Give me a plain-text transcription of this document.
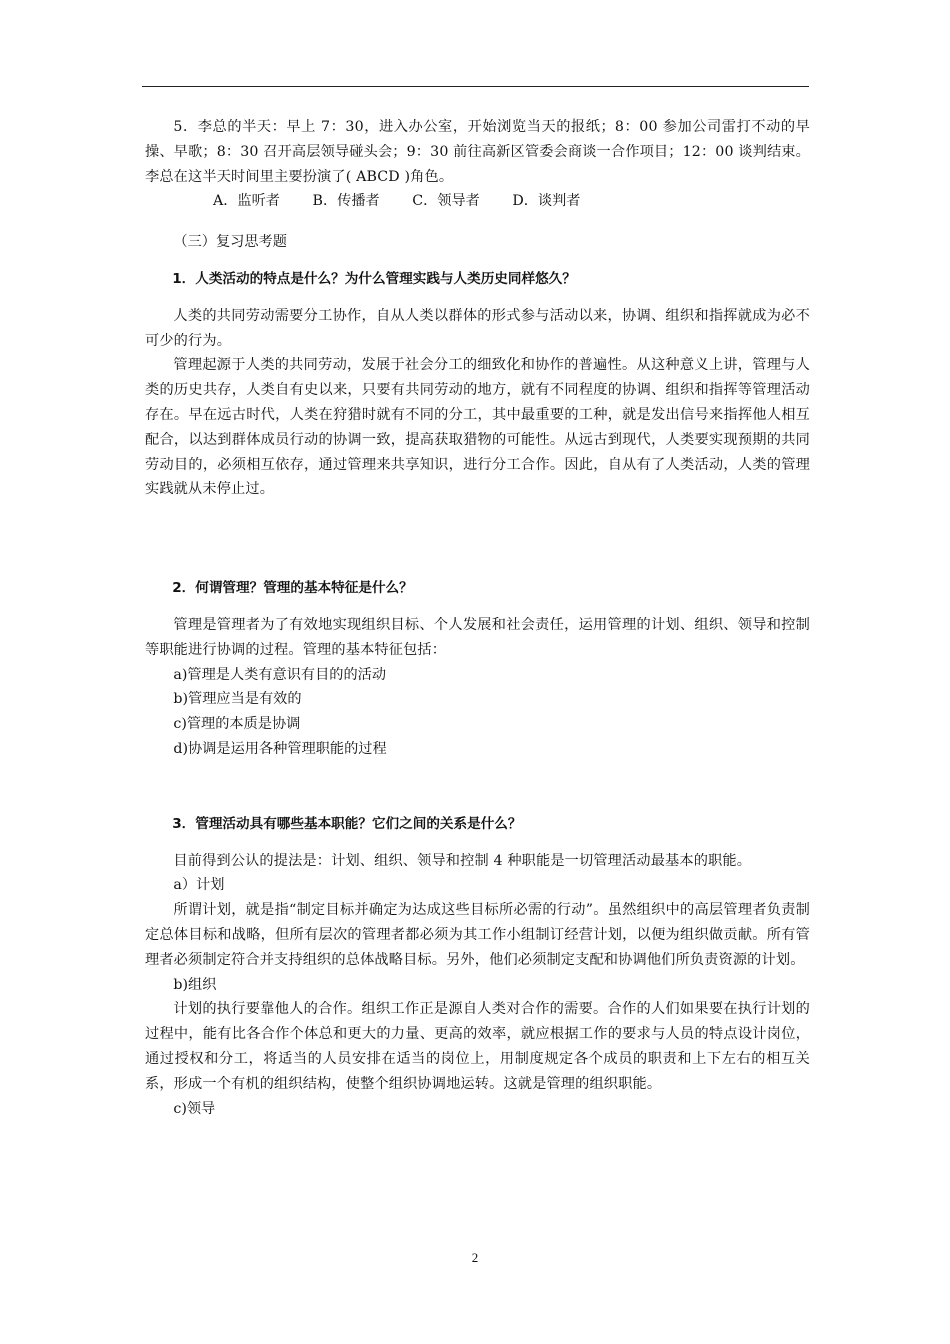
5．李总的半天：早上 7：30，进入办公室，开始浏览当天的报纸；8：00 参加公司雷打不动的早操、早歌；8：30 召开高层领导碰头会；9：30 前往高新区管委会商谈一合作项目；12：00 谈判结束。李总在这半天时间里主要扮演了( ABCD )角色。

A．监听者 B．传播者 C．领导者 D．谈判者

（三）复习思考题

1．人类活动的特点是什么？为什么管理实践与人类历史同样悠久？

人类的共同劳动需要分工协作，自从人类以群体的形式参与活动以来，协调、组织和指挥就成为必不可少的行为。

管理起源于人类的共同劳动，发展于社会分工的细致化和协作的普遍性。从这种意义上讲，管理与人类的历史共存，人类自有史以来，只要有共同劳动的地方，就有不同程度的协调、组织和指挥等管理活动存在。早在远古时代，人类在狩猎时就有不同的分工，其中最重要的工种，就是发出信号来指挥他人相互配合，以达到群体成员行动的协调一致，提高获取猎物的可能性。从远古到现代，人类要实现预期的共同劳动目的，必须相互依存，通过管理来共享知识，进行分工合作。因此，自从有了人类活动，人类的管理实践就从未停止过。

2．何谓管理？管理的基本特征是什么？

管理是管理者为了有效地实现组织目标、个人发展和社会责任，运用管理的计划、组织、领导和控制等职能进行协调的过程。管理的基本特征包括：

a)管理是人类有意识有目的的活动

b)管理应当是有效的

c)管理的本质是协调

d)协调是运用各种管理职能的过程

3．管理活动具有哪些基本职能？它们之间的关系是什么？

目前得到公认的提法是：计划、组织、领导和控制 4 种职能是一切管理活动最基本的职能。

a）计划

所谓计划，就是指“制定目标并确定为达成这些目标所必需的行动”。虽然组织中的高层管理者负责制定总体目标和战略，但所有层次的管理者都必须为其工作小组制订经营计划，以便为组织做贡献。所有管理者必须制定符合并支持组织的总体战略目标。另外，他们必须制定支配和协调他们所负责资源的计划。

b)组织

计划的执行要靠他人的合作。组织工作正是源自人类对合作的需要。合作的人们如果要在执行计划的过程中，能有比各合作个体总和更大的力量、更高的效率，就应根据工作的要求与人员的特点设计岗位，通过授权和分工，将适当的人员安排在适当的岗位上，用制度规定各个成员的职责和上下左右的相互关系，形成一个有机的组织结构，使整个组织协调地运转。这就是管理的组织职能。

c)领导

2
